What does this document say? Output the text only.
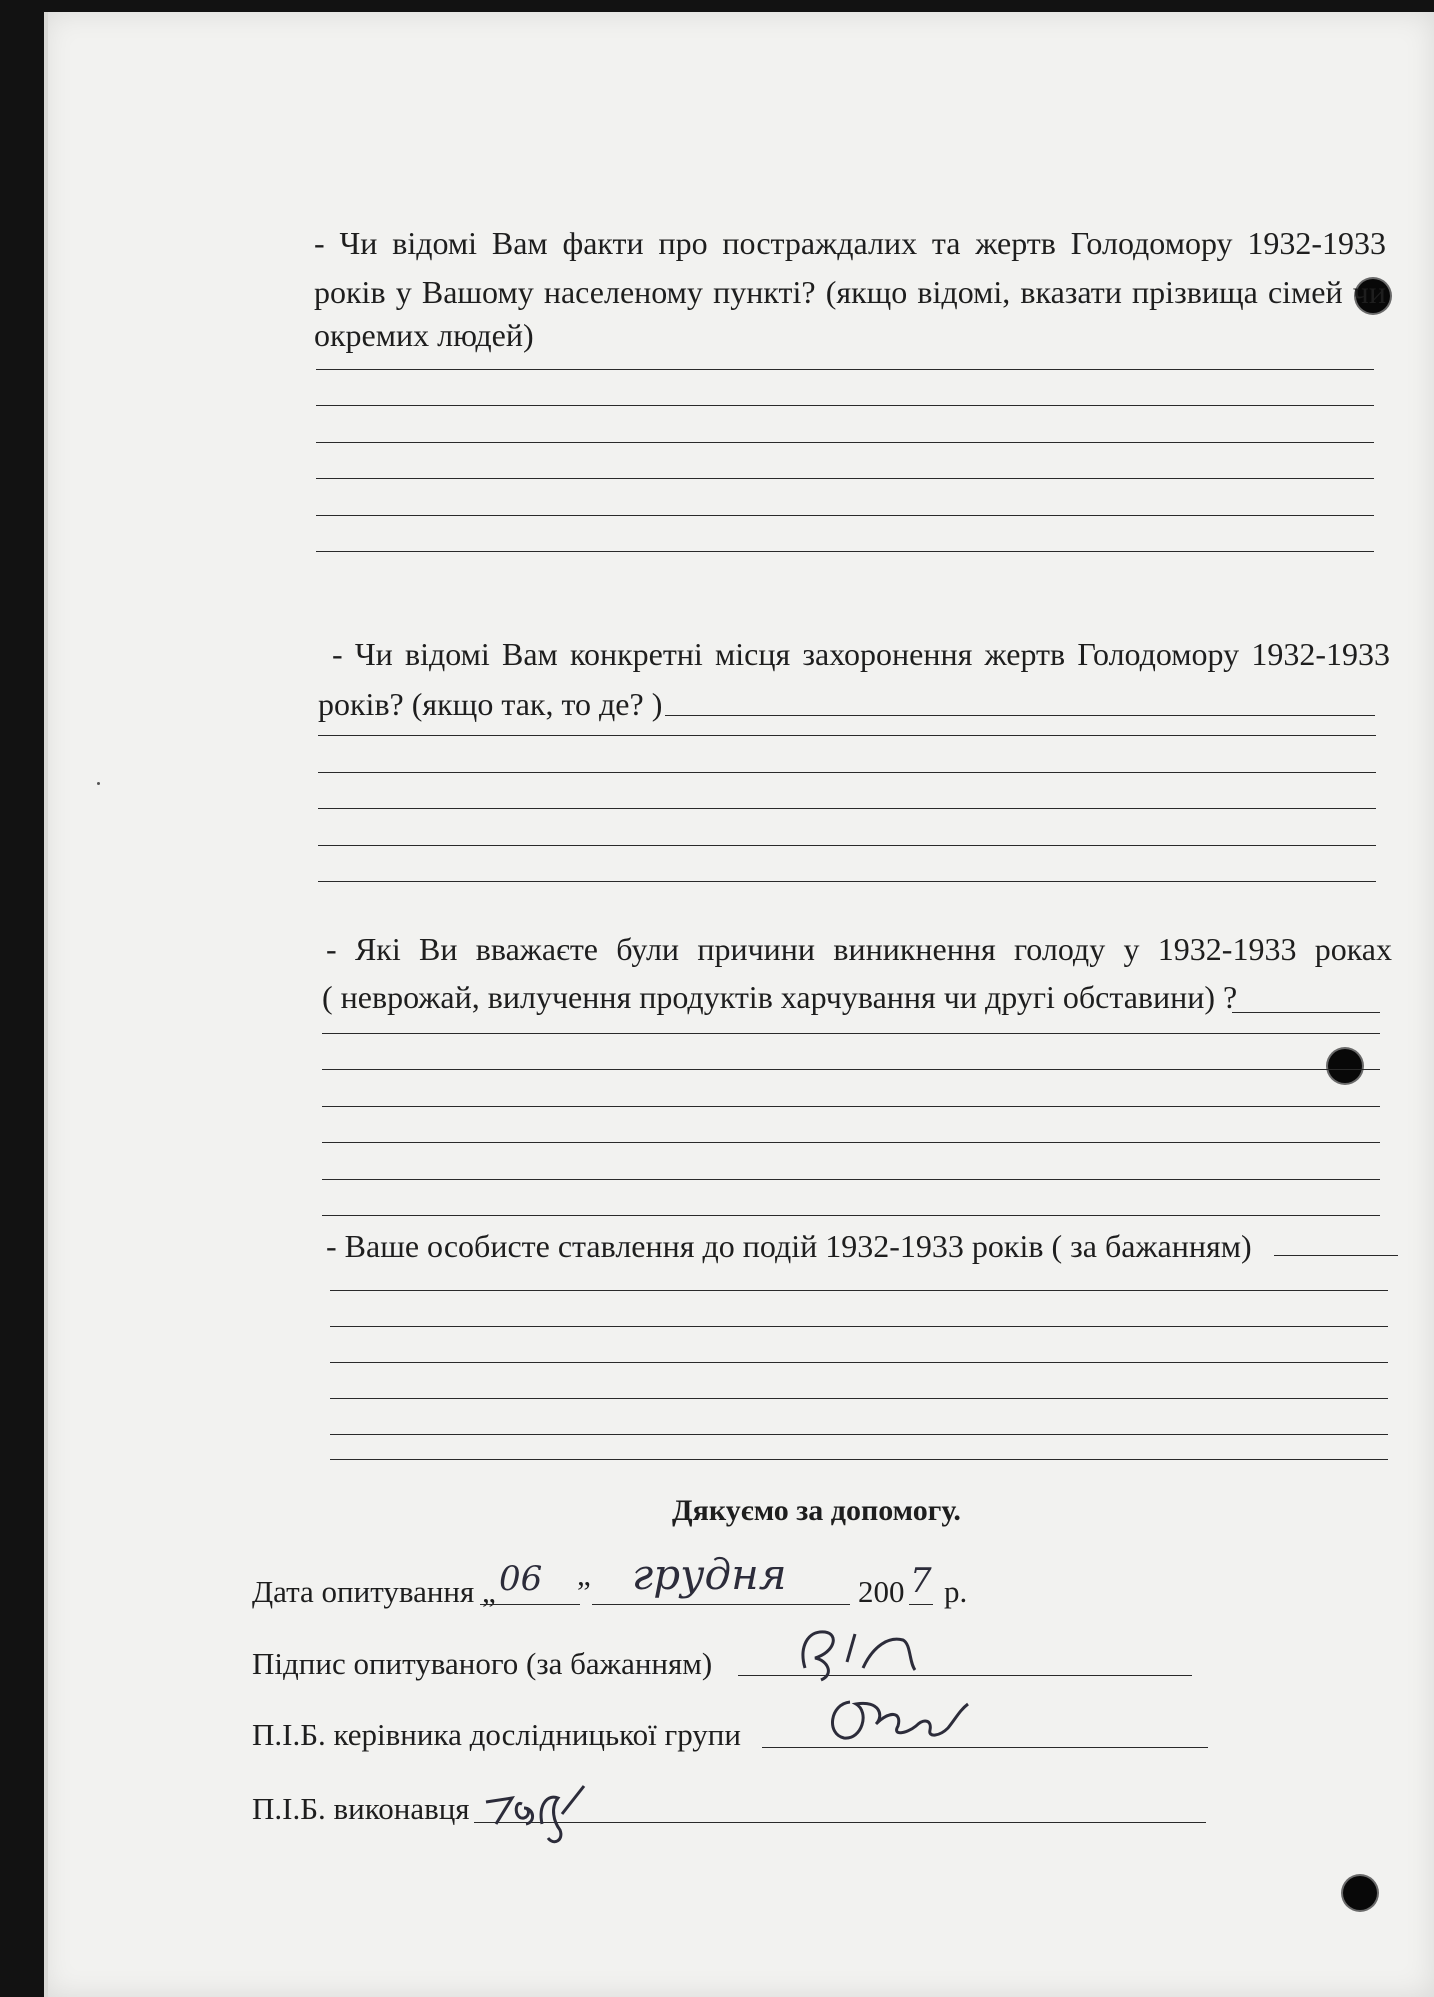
- Чи відомі Вам факти про постраждалих та жертв Голодомору 1932-1933
років у Вашому населеному пункті? (якщо відомі, вказати прізвища сімей чи
окремих людей)
- Чи відомі Вам конкретні місця захоронення жертв Голодомору 1932-1933
років? (якщо так, то де? )
- Які Ви вважаєте були причини виникнення голоду у 1932-1933 роках
( неврожай, вилучення продуктів харчування чи другі обставини) ?
- Ваше особисте ставлення до подій 1932-1933 років ( за бажанням)
Дякуємо за допомогу.
Дата опитування „ 06 ” грудня 200 7 р.
Підпис опитуваного (за бажанням)
П.І.Б. керівника дослідницької групи
П.І.Б. виконавця
